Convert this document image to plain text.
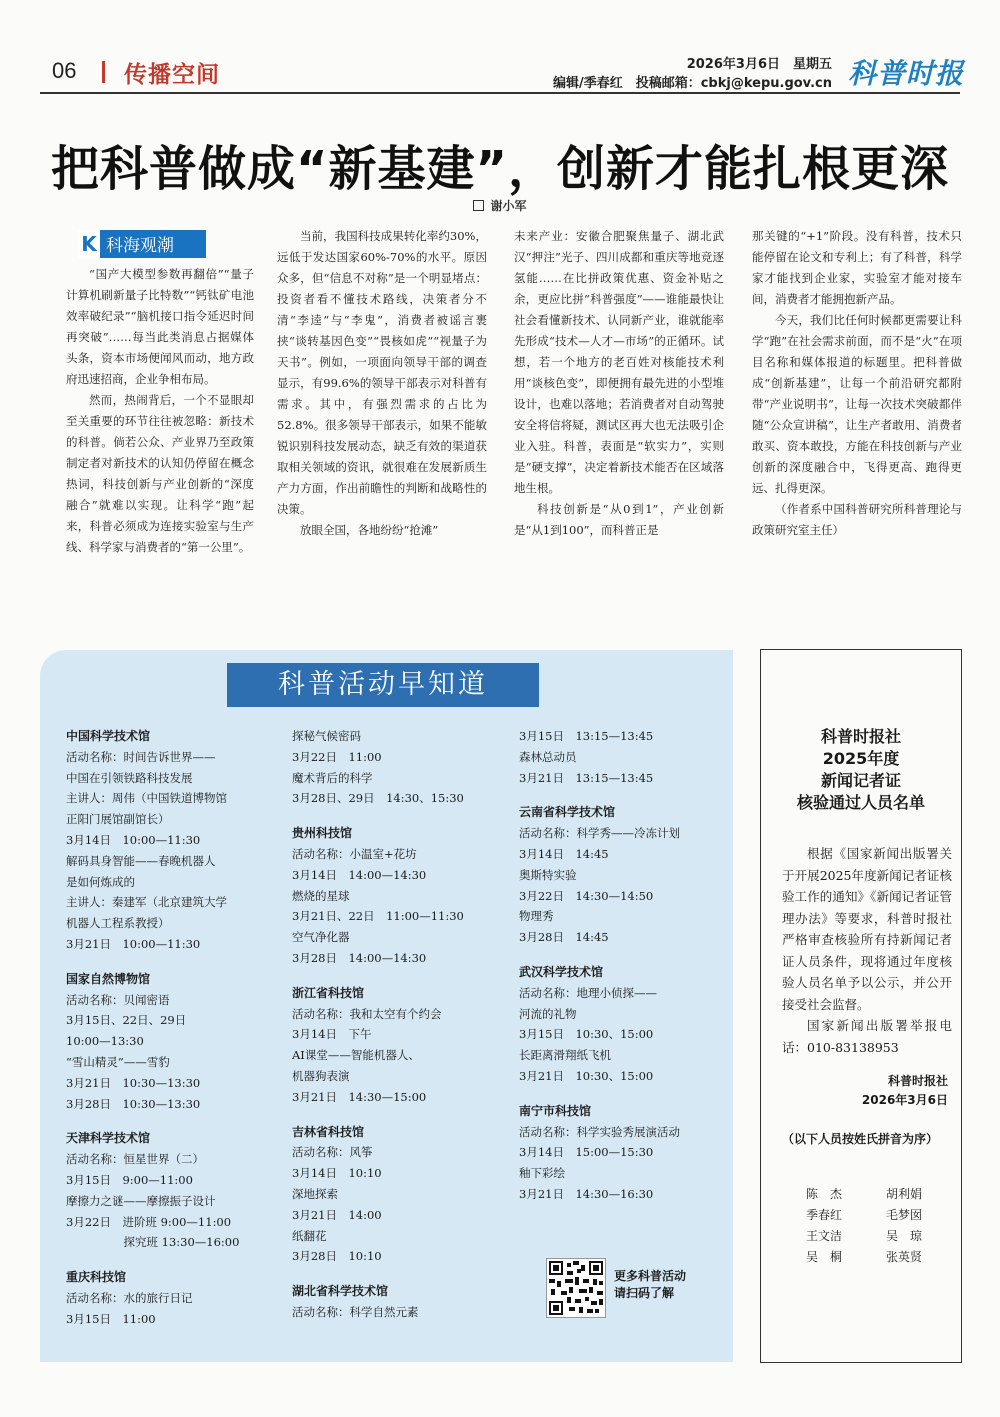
06 传播空间	2026年3月6日　星期五
编辑/季春红　投稿邮箱：cbkj@kepu.gov.cn 科普时报
把科普做成“新基建”，创新才能扎根更深
谢小军
K 科海观潮

“国产大模型参数再翻倍”“量子计算机刷新量子比特数”“钙钛矿电池效率破纪录”“脑机接口指令延迟时间再突破”……每当此类消息占据媒体头条，资本市场便闻风而动，地方政府迅速招商，企业争相布局。

然而，热闹背后，一个不显眼却至关重要的环节往往被忽略：新技术的科普。倘若公众、产业界乃至政策制定者对新技术的认知仍停留在概念热词，科技创新与产业创新的“深度融合”就难以实现。让科学“跑”起来，科普必须成为连接实验室与生产线、科学家与消费者的“第一公里”。

当前，我国科技成果转化率约30%，远低于发达国家60%-70%的水平。原因众多，但“信息不对称”是一个明显堵点：投资者看不懂技术路线，决策者分不清“李逵”与“李鬼”，消费者被谣言裹挟“谈转基因色变”“畏核如虎”“视量子为天书”。例如，一项面向领导干部的调查显示，有99.6%的领导干部表示对科普有需求。其中，有强烈需求的占比为52.8%。很多领导干部表示，如果不能敏锐识别科技发展动态，缺乏有效的渠道获取相关领域的资讯，就很难在发展新质生产力方面，作出前瞻性的判断和战略性的决策。

放眼全国，各地纷纷“抢滩”

未来产业：安徽合肥聚焦量子、湖北武汉“押注”光子、四川成都和重庆等地竞逐氢能……在比拼政策优惠、资金补贴之余，更应比拼“科普强度”——谁能最快让社会看懂新技术、认同新产业，谁就能率先形成“技术—人才—市场”的正循环。试想，若一个地方的老百姓对核能技术利用“谈核色变”，即便拥有最先进的小型堆设计，也难以落地；若消费者对自动驾驶安全将信将疑，测试区再大也无法吸引企业入驻。科普，表面是“软实力”，实则是“硬支撑”，决定着新技术能否在区域落地生根。

科技创新是“从0到1”，产业创新是“从1到100”，而科普正是

那关键的“+1”阶段。没有科普，技术只能停留在论文和专利上；有了科普，科学家才能找到企业家，实验室才能对接车间，消费者才能拥抱新产品。

今天，我们比任何时候都更需要让科学“跑”在社会需求前面，而不是“火”在项目名称和媒体报道的标题里。把科普做成“创新基建”，让每一个前沿研究都附带“产业说明书”，让每一次技术突破都伴随“公众宣讲稿”，让生产者敢用、消费者敢买、资本敢投，方能在科技创新与产业创新的深度融合中，飞得更高、跑得更远、扎得更深。

（作者系中国科普研究所科普理论与政策研究室主任）

科普活动早知道
中国科学技术馆
活动名称：时间告诉世界——
中国在引领铁路科技发展
主讲人：周伟（中国铁道博物馆
正阳门展馆副馆长）
3月14日　10:00—11:30
解码具身智能——春晚机器人
是如何炼成的
主讲人：秦建军（北京建筑大学
机器人工程系教授）
3月21日　10:00—11:30
国家自然博物馆
活动名称：贝闻密语
3月15日、22日、29日
10:00—13:30
“雪山精灵”——雪豹
3月21日　10:30—13:30
3月28日　10:30—13:30
天津科学技术馆
活动名称：恒星世界（二）
3月15日　9:00—11:00
摩擦力之谜——摩擦振子设计
3月22日　进阶班 9:00—11:00
　　　　　探究班 13:30—16:00
重庆科技馆
活动名称：水的旅行日记
3月15日　11:00
探秘气候密码
3月22日　11:00
魔术背后的科学
3月28日、29日　14:30、15:30
贵州科技馆
活动名称：小温室+花坊
3月14日　14:00—14:30
燃烧的星球
3月21日、22日　11:00—11:30
空气净化器
3月28日　14:00—14:30
浙江省科技馆
活动名称：我和太空有个约会
3月14日　下午
AI课堂——智能机器人、
机器狗表演
3月21日　14:30—15:00
吉林省科技馆
活动名称：风筝
3月14日　10:10
深地探索
3月21日　14:00
纸翻花
3月28日　10:10
湖北省科学技术馆
活动名称：科学自然元素
3月15日　13:15—13:45
森林总动员
3月21日　13:15—13:45
云南省科学技术馆
活动名称：科学秀——冷冻计划
3月14日　14:45
奥斯特实验
3月22日　14:30—14:50
物理秀
3月28日　14:45
武汉科学技术馆
活动名称：地理小侦探——
河流的礼物
3月15日　10:30、15:00
长距离滑翔纸飞机
3月21日　10:30、15:00
南宁市科技馆
活动名称：科学实验秀展演活动
3月14日　15:00—15:30
釉下彩绘
3月21日　14:30—16:30
更多科普活动
请扫码了解
科普时报社
2025年度
新闻记者证
核验通过人员名单

根据《国家新闻出版署关于开展2025年度新闻记者证核验工作的通知》《新闻记者证管理办法》等要求，科普时报社严格审查核验所有持新闻记者证人员条件，现将通过年度核验人员名单予以公示，并公开接受社会监督。

国家新闻出版署举报电话：010-83138953

科普时报社
2026年3月6日
（以下人员按姓氏拼音为序）
陈　杰	胡利娟
季春红	毛梦囡
王文洁	吴　琼
吴　桐	张英贤
